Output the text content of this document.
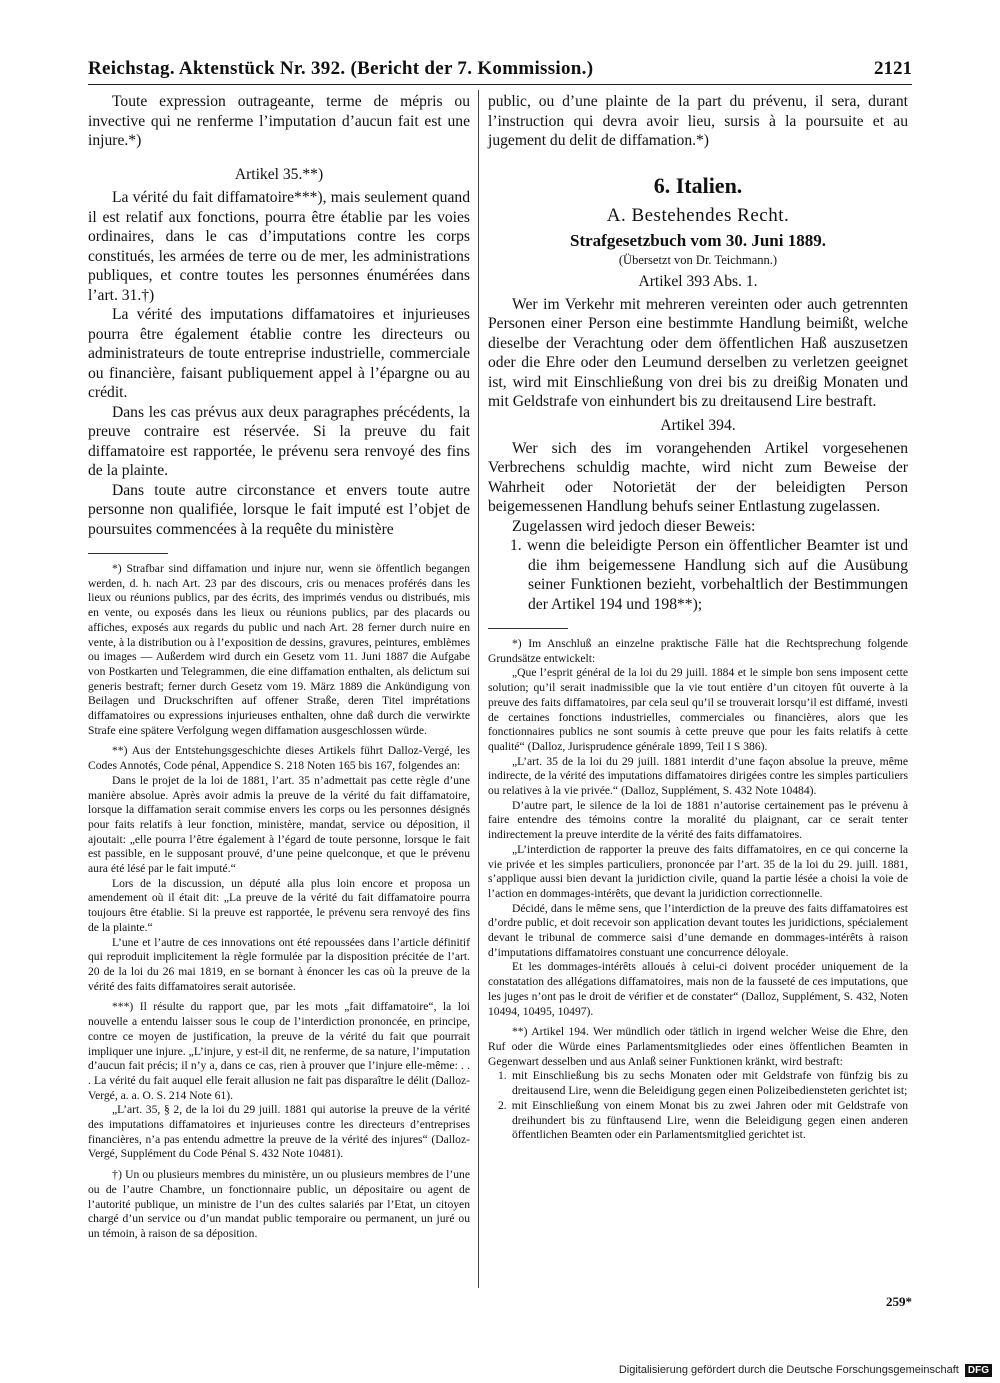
Reichstag. Aktenstück Nr. 392. (Bericht der 7. Kommission.)	2121

Toute expression outrageante, terme de mépris ou invective qui ne renferme l’imputation d’aucun fait est une injure.*)

Artikel 35.**)

La vérité du fait diffamatoire***), mais seulement quand il est relatif aux fonctions, pourra être établie par les voies ordinaires, dans le cas d’imputations contre les corps constitués, les armées de terre ou de mer, les administrations publiques, et contre toutes les personnes énumérées dans l’art. 31.†)

La vérité des imputations diffamatoires et injurieuses pourra être également établie contre les directeurs ou administrateurs de toute entreprise industrielle, commerciale ou financière, faisant publiquement appel à l’épargne ou au crédit.

Dans les cas prévus aux deux paragraphes précédents, la preuve contraire est réservée. Si la preuve du fait diffamatoire est rapportée, le prévenu sera renvoyé des fins de la plainte.

Dans toute autre circonstance et envers toute autre personne non qualifiée, lorsque le fait imputé est l’objet de poursuites commencées à la requête du ministère

*) Strafbar sind diffamation und injure nur, wenn sie öffentlich begangen werden, d. h. nach Art. 23 par des discours, cris ou menaces proférés dans les lieux ou réunions publics, par des écrits, des imprimés vendus ou distribués, mis en vente, ou exposés dans les lieux ou réunions publics, par des placards ou affiches, exposés aux regards du public und nach Art. 28 ferner durch nuire en vente, à la distribution ou à l’exposition de dessins, gravures, peintures, emblèmes ou images — Außerdem wird durch ein Gesetz vom 11. Juni 1887 die Aufgabe von Postkarten und Telegrammen, die eine diffamation enthalten, als delictum sui generis bestraft; ferner durch Gesetz vom 19. März 1889 die Ankündigung von Beilagen und Druckschriften auf offener Straße, deren Titel imprétations diffamatoires ou expressions injurieuses enthalten, ohne daß durch die verwirkte Strafe eine spätere Verfolgung wegen diffamation ausgeschlossen würde.

**) Aus der Entstehungsgeschichte dieses Artikels führt Dalloz-Vergé, les Codes Annotés, Code pénal, Appendice S. 218 Noten 165 bis 167, folgendes an:

Dans le projet de la loi de 1881, l’art. 35 n’admettait pas cette règle d’une manière absolue. Après avoir admis la preuve de la vérité du fait diffamatoire, lorsque la diffamation serait commise envers les corps ou les personnes désignés pour faits relatifs à leur fonction, ministère, mandat, service ou déposition, il ajoutait: „elle pourra l’être également à l’égard de toute personne, lorsque le fait est passible, en le supposant prouvé, d’une peine quelconque, et que le prévenu aura été lésé par le fait imputé.“

Lors de la discussion, un député alla plus loin encore et proposa un amendement où il était dit: „La preuve de la vérité du fait diffamatoire pourra toujours être établie. Si la preuve est rapportée, le prévenu sera renvoyé des fins de la plainte.“

L’une et l’autre de ces innovations ont été repoussées dans l’article définitif qui reproduit implicitement la règle formulée par la disposition précitée de l’art. 20 de la loi du 26 mai 1819, en se bornant à énoncer les cas où la preuve de la vérité des faits diffamatoires serait autorisée.

***) Il résulte du rapport que, par les mots „fait diffamatoire“, la loi nouvelle a entendu laisser sous le coup de l’interdiction prononcée, en principe, contre ce moyen de justification, la preuve de la vérité du fait que pourrait impliquer une injure. „L’injure, y est-il dit, ne renferme, de sa nature, l’imputation d’aucun fait précis; il n’y a, dans ce cas, rien à prouver que l’injure elle-même: . . . La vérité du fait auquel elle ferait allusion ne fait pas disparaître le délit (Dalloz-Vergé, a. a. O. S. 214 Note 61).

„L’art. 35, § 2, de la loi du 29 juill. 1881 qui autorise la preuve de la vérité des imputations diffamatoires et injurieuses contre les directeurs d’entreprises financières, n’a pas entendu admettre la preuve de la vérité des injures“ (Dalloz-Vergé, Supplément du Code Pénal S. 432 Note 10481).

†) Un ou plusieurs membres du ministère, un ou plusieurs membres de l’une ou de l’autre Chambre, un fonctionnaire public, un dépositaire ou agent de l’autorité publique, un ministre de l’un des cultes salariés par l’Etat, un citoyen chargé d’un service ou d’un mandat public temporaire ou permanent, un juré ou un témoin, à raison de sa déposition.

public, ou d’une plainte de la part du prévenu, il sera, durant l’instruction qui devra avoir lieu, sursis à la poursuite et au jugement du delit de diffamation.*)

6. Italien.
A. Bestehendes Recht.
Strafgesetzbuch vom 30. Juni 1889.
(Übersetzt von Dr. Teichmann.)
Artikel 393 Abs. 1.

Wer im Verkehr mit mehreren vereinten oder auch getrennten Personen einer Person eine bestimmte Handlung beimißt, welche dieselbe der Verachtung oder dem öffentlichen Haß auszusetzen oder die Ehre oder den Leumund derselben zu verletzen geeignet ist, wird mit Einschließung von drei bis zu dreißig Monaten und mit Geldstrafe von einhundert bis zu dreitausend Lire bestraft.

Artikel 394.

Wer sich des im vorangehenden Artikel vorgesehenen Verbrechens schuldig machte, wird nicht zum Beweise der Wahrheit oder Notorietät der der beleidigten Person beigemessenen Handlung behufs seiner Entlastung zugelassen.

Zugelassen wird jedoch dieser Beweis:

1. wenn die beleidigte Person ein öffentlicher Beamter ist und die ihm beigemessene Handlung sich auf die Ausübung seiner Funktionen bezieht, vorbehaltlich der Bestimmungen der Artikel 194 und 198**);

*) Im Anschluß an einzelne praktische Fälle hat die Rechtsprechung folgende Grundsätze entwickelt:

„Que l’esprit général de la loi du 29 juill. 1884 et le simple bon sens imposent cette solution; qu’il serait inadmissible que la vie tout entière d’un citoyen fût ouverte à la preuve des faits diffamatoires, par cela seul qu’il se trouverait lorsqu’il est diffamé, investi de certaines fonctions industrielles, commerciales ou financières, alors que les fonctionnaires publics ne sont soumis à cette preuve que pour les faits relatifs à cette qualité“ (Dalloz, Jurisprudence générale 1899, Teil I S 386).

„L’art. 35 de la loi du 29 juill. 1881 interdit d’une façon absolue la preuve, même indirecte, de la vérité des imputations diffamatoires dirigées contre les simples particuliers ou relatives à la vie privée.“ (Dalloz, Supplément, S. 432 Note 10484).

D’autre part, le silence de la loi de 1881 n’autorise certainement pas le prévenu à faire entendre des témoins contre la moralité du plaignant, car ce serait tenter indirectement la preuve interdite de la vérité des faits diffamatoires.

„L’interdiction de rapporter la preuve des faits diffamatoires, en ce qui concerne la vie privée et les simples particuliers, prononcée par l’art. 35 de la loi du 29. juill. 1881, s’applique aussi bien devant la juridiction civile, quand la partie lésée a choisi la voie de l’action en dommages-intérêts, que devant la juridiction correctionnelle.

Décidé, dans le même sens, que l’interdiction de la preuve des faits diffamatoires est d’ordre public, et doit recevoir son application devant toutes les juridictions, spécialement devant le tribunal de commerce saisi d’une demande en dommages-intérêts à raison d’imputations diffamatoires constuant une concurrence déloyale.

Et les dommages-intérêts alloués à celui-ci doivent procéder uniquement de la constatation des allégations diffamatoires, mais non de la fausseté de ces imputations, que les juges n’ont pas le droit de vérifier et de constater“ (Dalloz, Supplément, S. 432, Noten 10494, 10495, 10497).

**) Artikel 194. Wer mündlich oder tätlich in irgend welcher Weise die Ehre, den Ruf oder die Würde eines Parlamentsmitgliedes oder eines öffentlichen Beamten in Gegenwart desselben und aus Anlaß seiner Funktionen kränkt, wird bestraft:

1. mit Einschließung bis zu sechs Monaten oder mit Geldstrafe von fünfzig bis zu dreitausend Lire, wenn die Beleidigung gegen einen Polizeibediensteten gerichtet ist;

2. mit Einschließung von einem Monat bis zu zwei Jahren oder mit Geldstrafe von dreihundert bis zu fünftausend Lire, wenn die Beleidigung gegen einen anderen öffentlichen Beamten oder ein Parlamentsmitglied gerichtet ist.

259*
Digitalisierung gefördert durch die Deutsche Forschungsgemeinschaft DFG
